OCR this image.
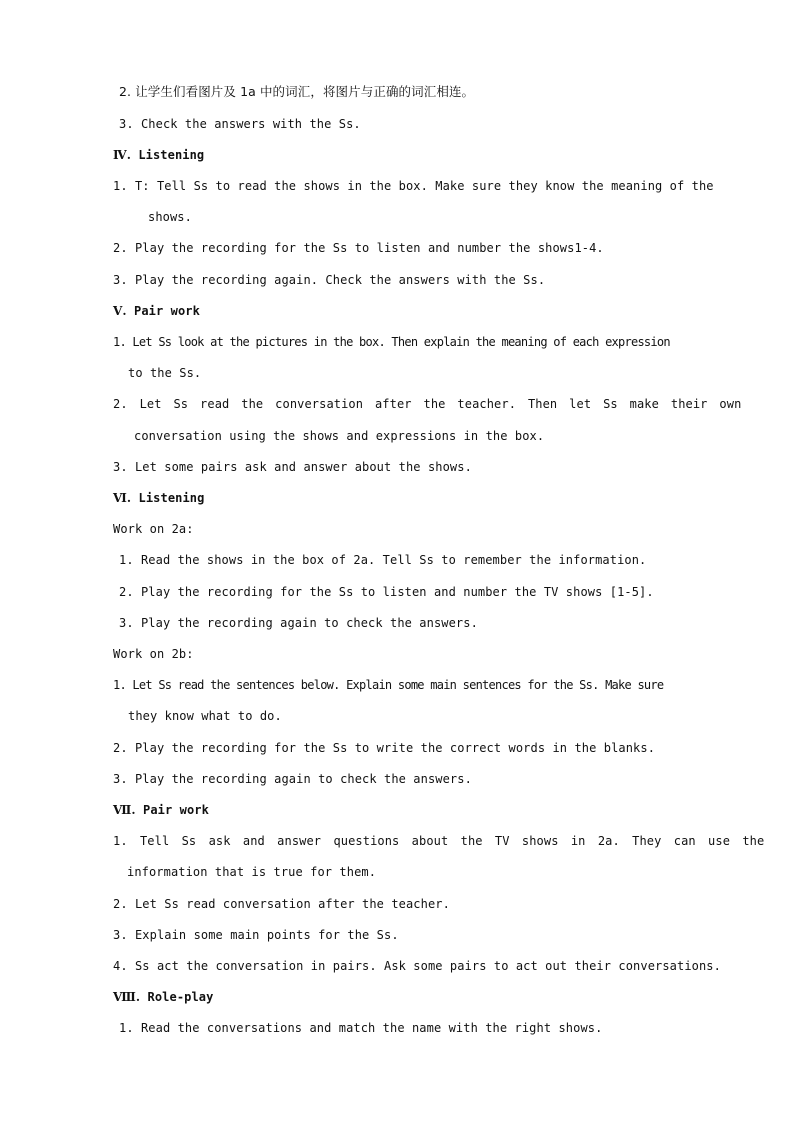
2. 让学生们看图片及 1a 中的词汇，将图片与正确的词汇相连。
3. Check the answers with the Ss.
Ⅳ. Listening
1. T: Tell Ss to read the shows in the box. Make sure they know the meaning of the
shows.
2. Play the recording for the Ss to listen and number the shows1-4.
3. Play the recording again. Check the answers with the Ss.
Ⅴ. Pair work
1. Let Ss look at the pictures in the box. Then explain the meaning of each expression
to the Ss.
2. Let Ss read the conversation after the teacher. Then let Ss make their own
conversation using the shows and expressions in the box.
3. Let some pairs ask and answer about the shows.
Ⅵ. Listening
Work on 2a:
1. Read the shows in the box of 2a. Tell Ss to remember the information.
2. Play the recording for the Ss to listen and number the TV shows [1-5].
3. Play the recording again to check the answers.
Work on 2b:
1. Let Ss read the sentences below. Explain some main sentences for the Ss. Make sure
they know what to do.
2. Play the recording for the Ss to write the correct words in the blanks.
3. Play the recording again to check the answers.
Ⅶ. Pair work
1. Tell Ss ask and answer questions about the TV shows in 2a. They can use the
information that is true for them.
2. Let Ss read conversation after the teacher.
3. Explain some main points for the Ss.
4. Ss act the conversation in pairs. Ask some pairs to act out their conversations.
Ⅷ. Role-play
1. Read the conversations and match the name with the right shows.
